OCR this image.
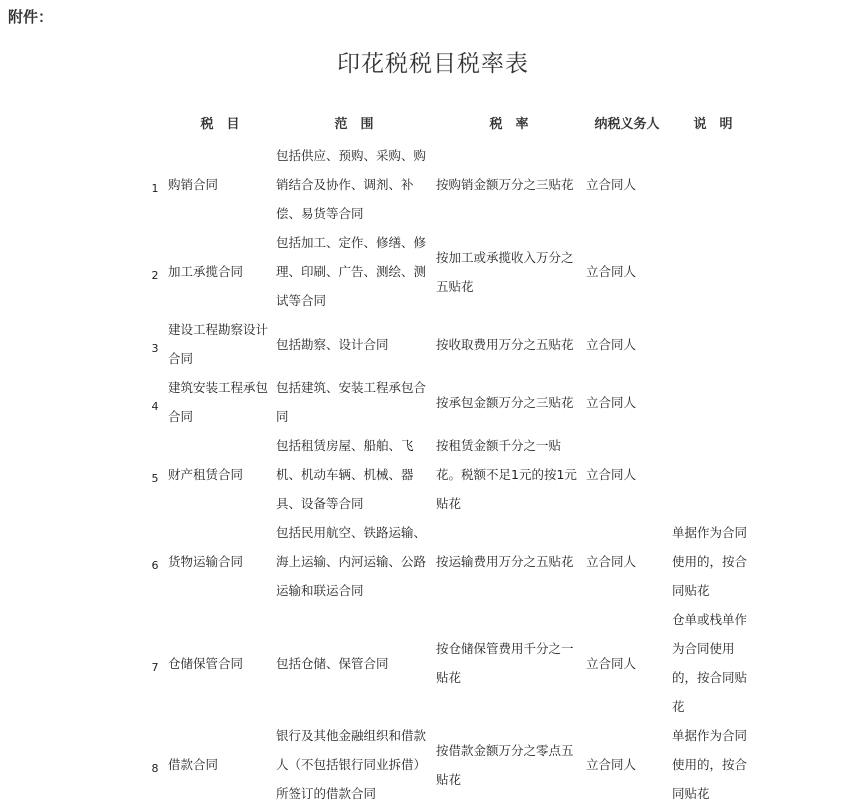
附件：
印花税税目税率表
	税　目	范　围	税　率	纳税义务人	说　明
1	购销合同	包括供应、预购、采购、购销结合及协作、调剂、补偿、易货等合同	按购销金额万分之三贴花	立合同人	

2	加工承揽合同	包括加工、定作、修缮、修理、印刷、广告、测绘、测试等合同	按加工或承揽收入万分之五贴花	立合同人	

3	建设工程勘察设计合同	包括勘察、设计合同	按收取费用万分之五贴花	立合同人	

4	建筑安装工程承包合同	包括建筑、安装工程承包合同	按承包金额万分之三贴花	立合同人	

5	财产租赁合同	包括租赁房屋、船舶、飞机、机动车辆、机械、器具、设备等合同	按租赁金额千分之一贴花。税额不足1元的按1元贴花	立合同人	

6	货物运输合同	包括民用航空、铁路运输、海上运输、内河运输、公路运输和联运合同	按运输费用万分之五贴花	立合同人	单据作为合同使用的，按合同贴花

7	仓储保管合同	包括仓储、保管合同	按仓储保管费用千分之一贴花	立合同人	仓单或栈单作为合同使用的，按合同贴花

8	借款合同	银行及其他金融组织和借款人（不包括银行同业拆借）所签订的借款合同	按借款金额万分之零点五贴花	立合同人	单据作为合同使用的，按合同贴花
